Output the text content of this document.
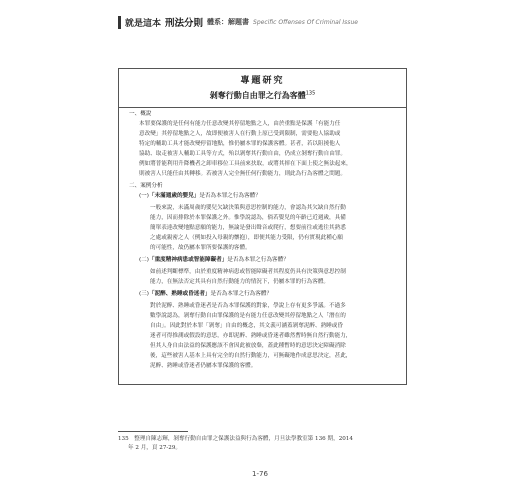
就是這本 刑法分則 體系：解題書 Specific Offenses Of Criminal Issue
專題研究
剝奪行動自由罪之行為客體$^{135}$
一、概說
本罪要保護的是任何有能力任意改變其停留地點之人，由於重點是保護「有能力任
意改變」其停留地點之人，故即便被害人在行動上原已受到限制，需要他人協助或
特定的輔助工具才能改變停留地點，惟仍屬本罪的保護客體。甚者，若以阻撓他人
協助、取走被害人輔助工具等方式，殆以剝奪其行動自由，仍成立剝奪行動自由罪。
例如將普能利用升降機者之卸車移位工具前來扶取，或將其摔在下面上使之無法起來，
則被害人只能任由其轉移。若被害人完全無任何行動能力，則此為行為客體之問題。
二、案例分析
(一)「未滿週歲的嬰兒」是否為本罪之行為客體？
一般來說，未滿周歲的嬰兒欠缺決策與意思控制的能力，會認為其欠缺自然行動
能力，因而排除於本罪保護之外。惟學說認為，倘若嬰兒的年齡已近週歲，具備
簡單表達改變地點意願的能力，無論是發出聲音或爬行，想要前往或逃往其熟悉
之處或親密之人（例如投入母親的懷抱），即便其能力受限，仍有實現此種心願
的可能性，故仍屬本罪所要保護的客體。
(二)「重度精神病患或智能障礙者」是否為本罪之行為客體？
如前述判斷標準，由於重度精神病患或智能障礙者其程度仍具有決策與意思控制
能力，在無法否定其具有自然行動能力的情況下，仍屬本罪的行為客體。
(三)「泥醉、熟睡或昏迷者」是否為本罪之行為客體？
對於泥醉、熟睡或昏迷者是否為本罪保護的對象，學說上存有更多爭議。不過多
數學說認為，剝奪行動自由罪保護的是有能力任意改變其停留地點之人「潛在的
自由」。因此對於本罪「剝奪」自由的概念，其文義可涵蓋剝奪泥醉、熟睡或昏
迷者可得推測或假設的意思，亦即泥醉、熟睡或昏迷者雖然暫時無自然行動能力，
但其人身自由法益的保護應該不會因此被放棄，蓋此種暫時的意思決定障礙消除
後，這些被害人基本上具有完全的自然行動能力，可無礙地作成意思決定，甚此，
泥醉、熟睡或昏迷者仍屬本罪保護的客體。
135　整理自陳志輝，剝奪行動自由罪之保護法益與行為客體，月旦法學教室第 136 期，2014
年 2 月，頁 27-29。
1-76
